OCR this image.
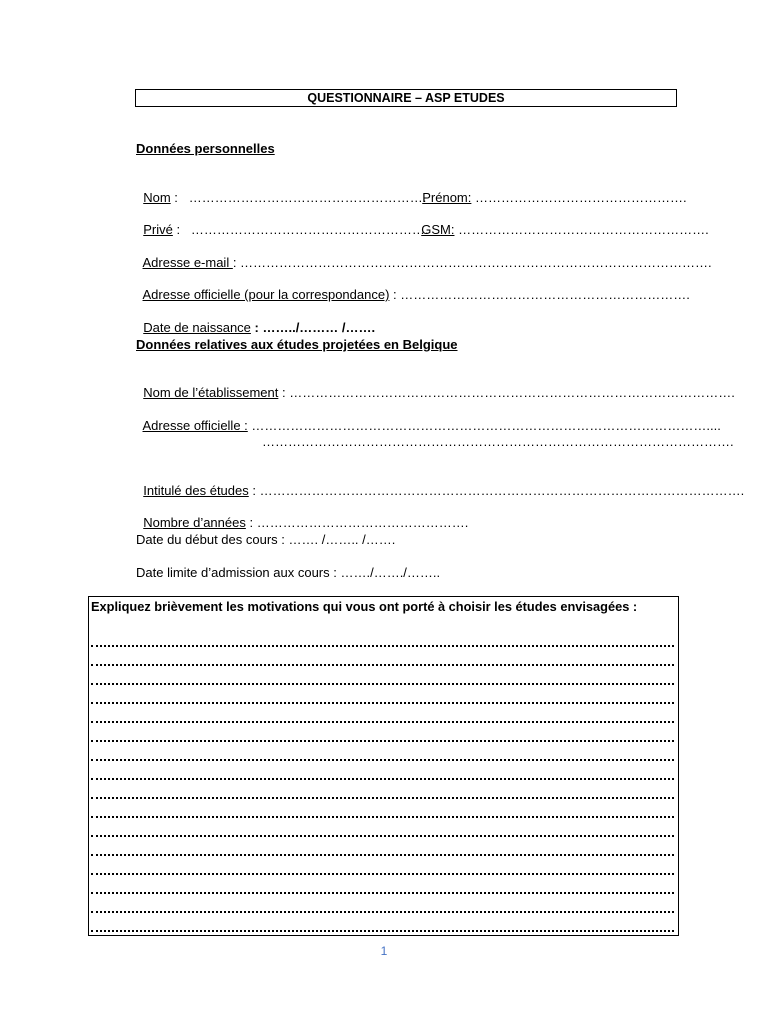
QUESTIONNAIRE – ASP ETUDES
Données personnelles

Nom :   ……………………………………………….

Prénom: ………………………………………….

Privé :   ……………………………………………….

GSM: ………………………………………………….

Adresse e-mail : ……………………………………………………………………………………………….

Adresse officielle (pour la correspondance) : ………………………………………………………….

Date de naissance : ……../……… /…….

Données relatives aux études projetées en Belgique

Nom de l’établissement : ………………………………………………………………………………………….

Adresse officielle : ……………………………………………………………………………………………....

……………………………………………………………………………………………….

Intitulé des études : ………………………………………………………………………………………………….

Nombre d’années : ………………………………………….

Date du début des cours : ……. /…….. /…….
Date limite d’admission aux cours : ……./……./……..
Expliquez brièvement les motivations qui vous ont porté à choisir les études envisagées :
1
